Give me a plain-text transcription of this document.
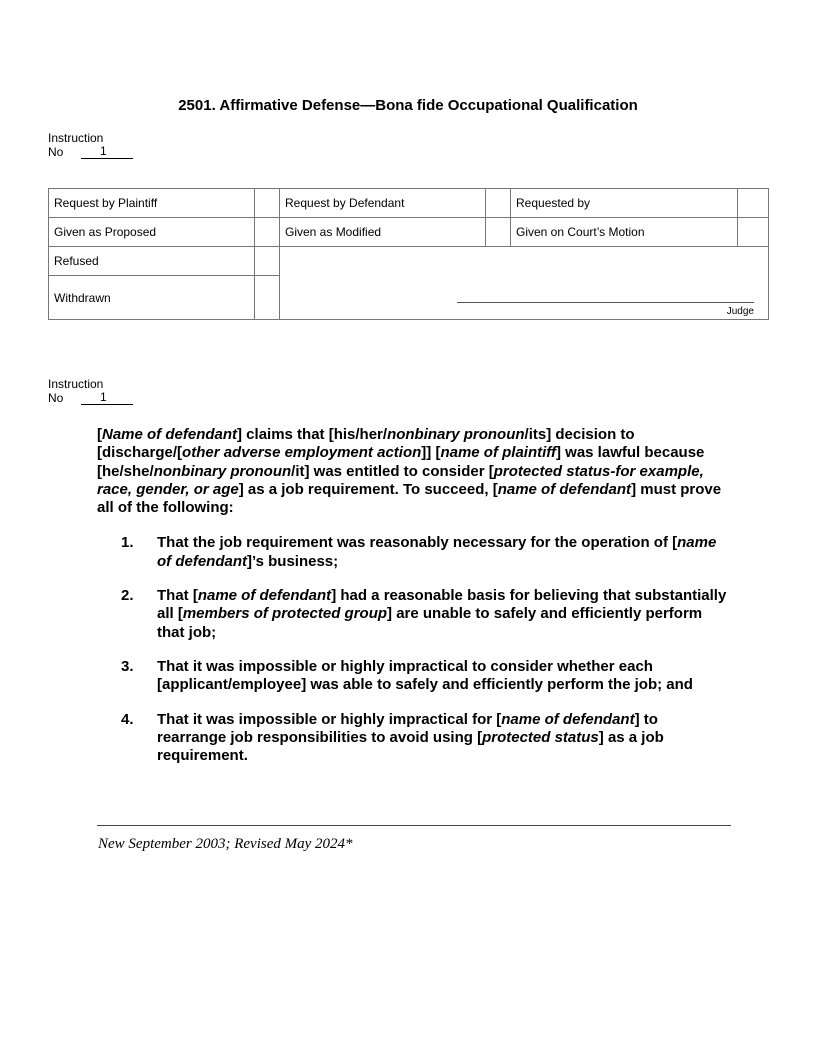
2501. Affirmative Defense—Bona fide Occupational Qualification
Instruction
No	1
Request by Plaintiff		Request by Defendant		Requested by	
Given as Proposed		Given as Modified		Given on Court’s Motion	
Refused		Judge			

Withdrawn					
Instruction
No	1

[Name of defendant] claims that [his/her/nonbinary pronoun/its] decision to [discharge/[other adverse employment action]] [name of plaintiff] was lawful because [he/she/nonbinary pronoun/it] was entitled to consider [protected status-for example, race, gender, or age] as a job requirement. To succeed, [name of defendant] must prove all of the following:

1.	That the job requirement was reasonably necessary for the operation of [name of defendant]’s business;
2.	That [name of defendant] had a reasonable basis for believing that substantially all [members of protected group] are unable to safely and efficiently perform that job;
3.	That it was impossible or highly impractical to consider whether each [applicant/employee] was able to safely and efficiently perform the job; and
4.	That it was impossible or highly impractical for [name of defendant] to rearrange job responsibilities to avoid using [protected status] as a job requirement.
New September 2003; Revised May 2024*
